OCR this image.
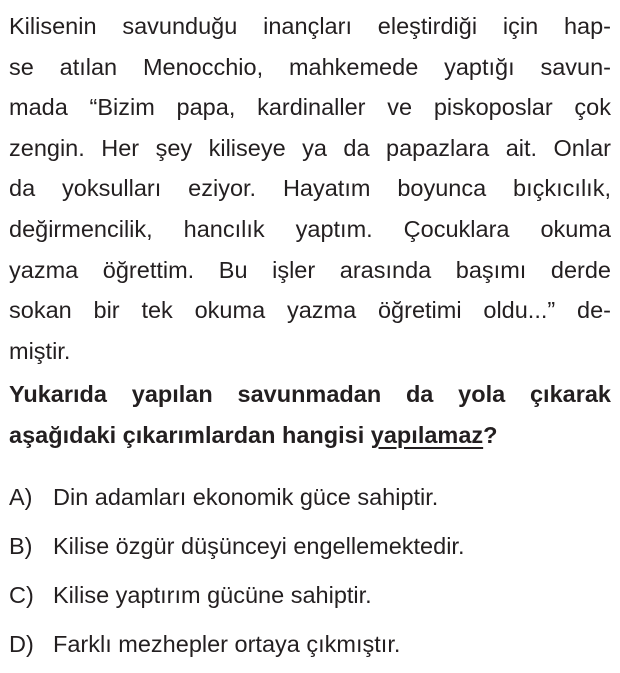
Kilisenin savunduğu inançları eleştirdiği için hap-
se atılan Menocchio, mahkemede yaptığı savun-
mada “Bizim papa, kardinaller ve piskoposlar çok
zengin. Her şey kiliseye ya da papazlara ait. Onlar
da yoksulları eziyor. Hayatım boyunca bıçkıcılık,
değirmencilik, hancılık yaptım. Çocuklara okuma
yazma öğrettim. Bu işler arasında başımı derde
sokan bir tek okuma yazma öğretimi oldu...” de-
miştir.
Yukarıda yapılan savunmadan da yola çıkarak
aşağıdaki çıkarımlardan hangisi yapılamaz?
A) Din adamları ekonomik güce sahiptir.
B) Kilise özgür düşünceyi engellemektedir.
C) Kilise yaptırım gücüne sahiptir.
D) Farklı mezhepler ortaya çıkmıştır.
